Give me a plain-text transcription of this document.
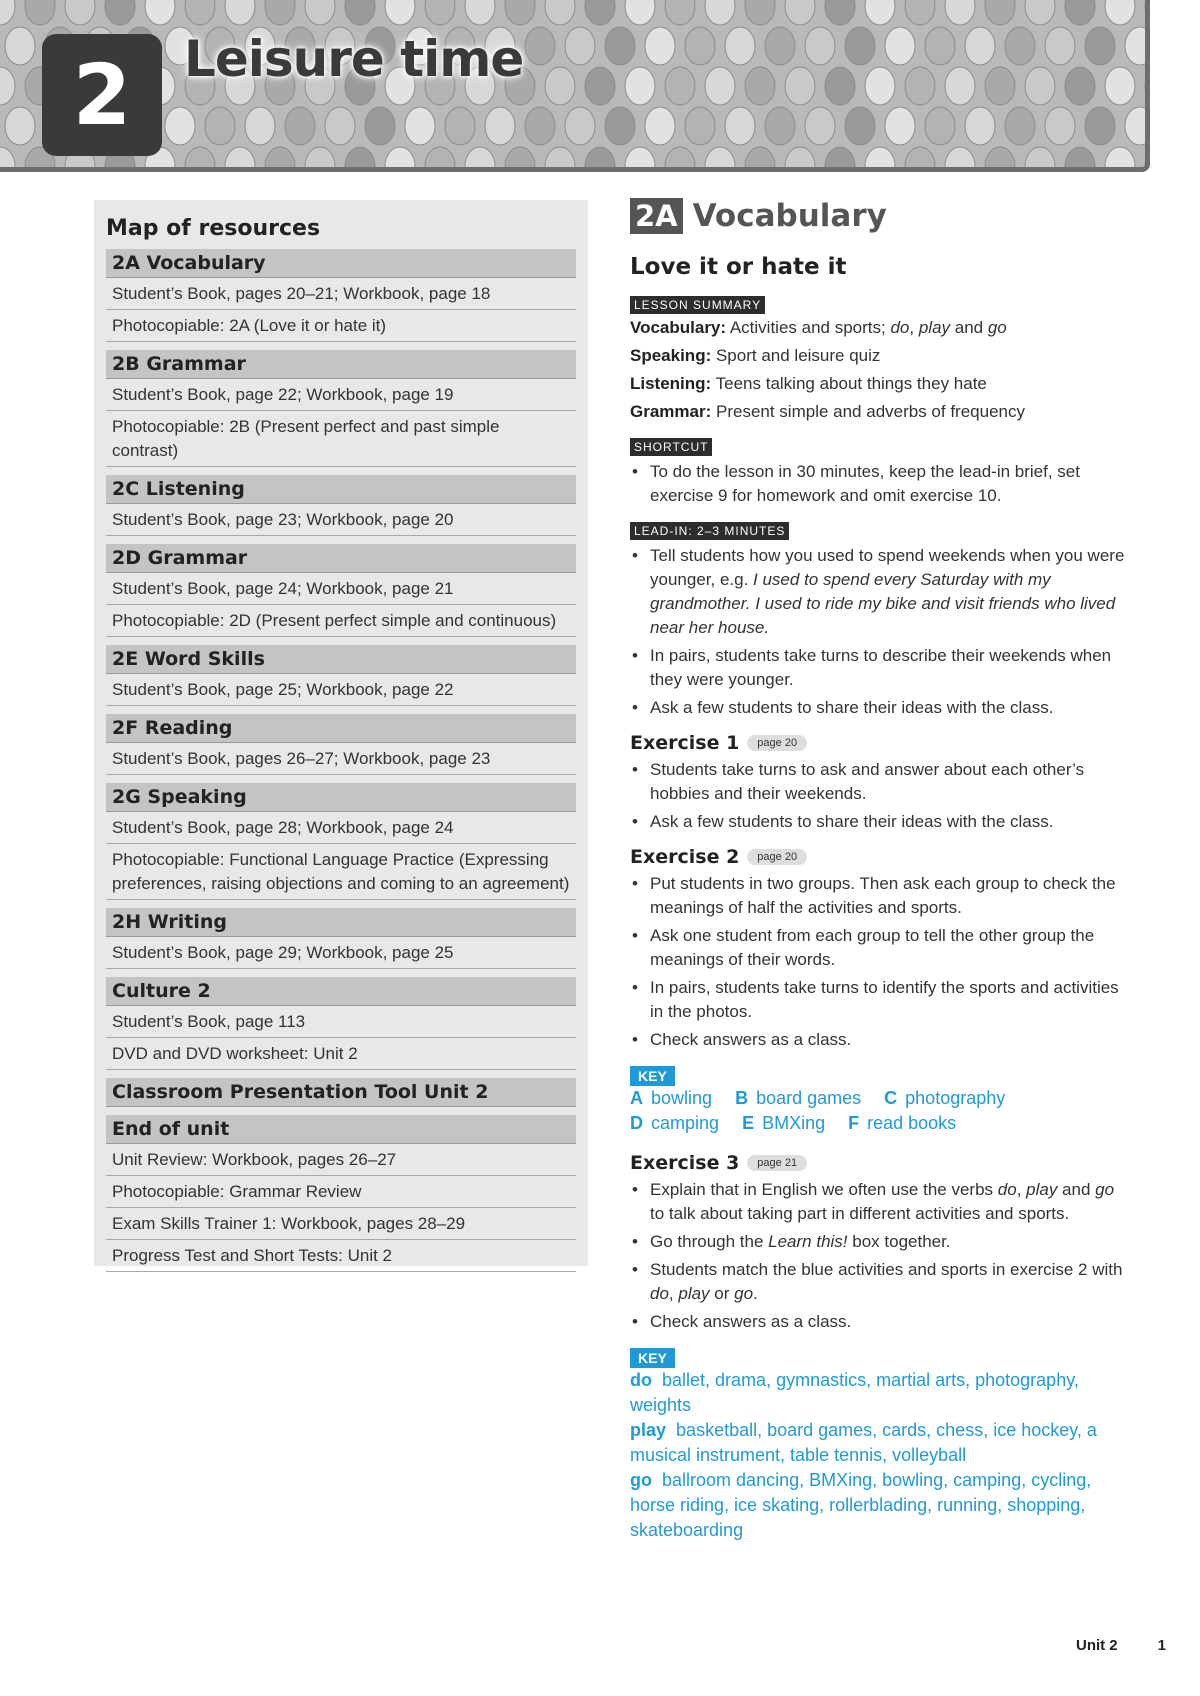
2	Leisure time
Map of resources
2A Vocabulary
Student’s Book, pages 20–21; Workbook, page 18
Photocopiable: 2A (Love it or hate it)
2B Grammar
Student’s Book, page 22; Workbook, page 19
Photocopiable: 2B (Present perfect and past simple contrast)
2C Listening
Student’s Book, page 23; Workbook, page 20
2D Grammar
Student’s Book, page 24; Workbook, page 21
Photocopiable: 2D (Present perfect simple and continuous)
2E Word Skills
Student’s Book, page 25; Workbook, page 22
2F Reading
Student’s Book, pages 26–27; Workbook, page 23
2G Speaking
Student’s Book, page 28; Workbook, page 24
Photocopiable: Functional Language Practice (Expressing preferences, raising objections and coming to an agreement)
2H Writing
Student’s Book, page 29; Workbook, page 25
Culture 2
Student’s Book, page 113
DVD and DVD worksheet: Unit 2
Classroom Presentation Tool Unit 2
End of unit
Unit Review: Workbook, pages 26–27
Photocopiable: Grammar Review
Exam Skills Trainer 1: Workbook, pages 28–29
Progress Test and Short Tests: Unit 2
2A Vocabulary
Love it or hate it
LESSON SUMMARY

Vocabulary: Activities and sports; do, play and go

Speaking: Sport and leisure quiz

Listening: Teens talking about things they hate

Grammar: Present simple and adverbs of frequency

SHORTCUT
• To do the lesson in 30 minutes, keep the lead-in brief, set exercise 9 for homework and omit exercise 10.
LEAD-IN: 2–3 MINUTES
• Tell students how you used to spend weekends when you were younger, e.g. I used to spend every Saturday with my grandmother. I used to ride my bike and visit friends who lived near her house.
• In pairs, students take turns to describe their weekends when they were younger.
• Ask a few students to share their ideas with the class.
Exercise 1	page 20
• Students take turns to ask and answer about each other’s hobbies and their weekends.
• Ask a few students to share their ideas with the class.
Exercise 2	page 20
• Put students in two groups. Then ask each group to check the meanings of half the activities and sports.
• Ask one student from each group to tell the other group the meanings of their words.
• In pairs, students take turns to identify the sports and activities in the photos.
• Check answers as a class.
KEY
A bowling B board games C photography
D camping E BMXing F read books
Exercise 3	page 21
• Explain that in English we often use the verbs do, play and go to talk about taking part in different activities and sports.
• Go through the Learn this! box together.
• Students match the blue activities and sports in exercise 2 with do, play or go.
• Check answers as a class.
KEY
do ballet, drama, gymnastics, martial arts, photography, weights
play basketball, board games, cards, chess, ice hockey, a musical instrument, table tennis, volleyball
go ballroom dancing, BMXing, bowling, camping, cycling, horse riding, ice skating, rollerblading, running, shopping, skateboarding
Unit 2	1
